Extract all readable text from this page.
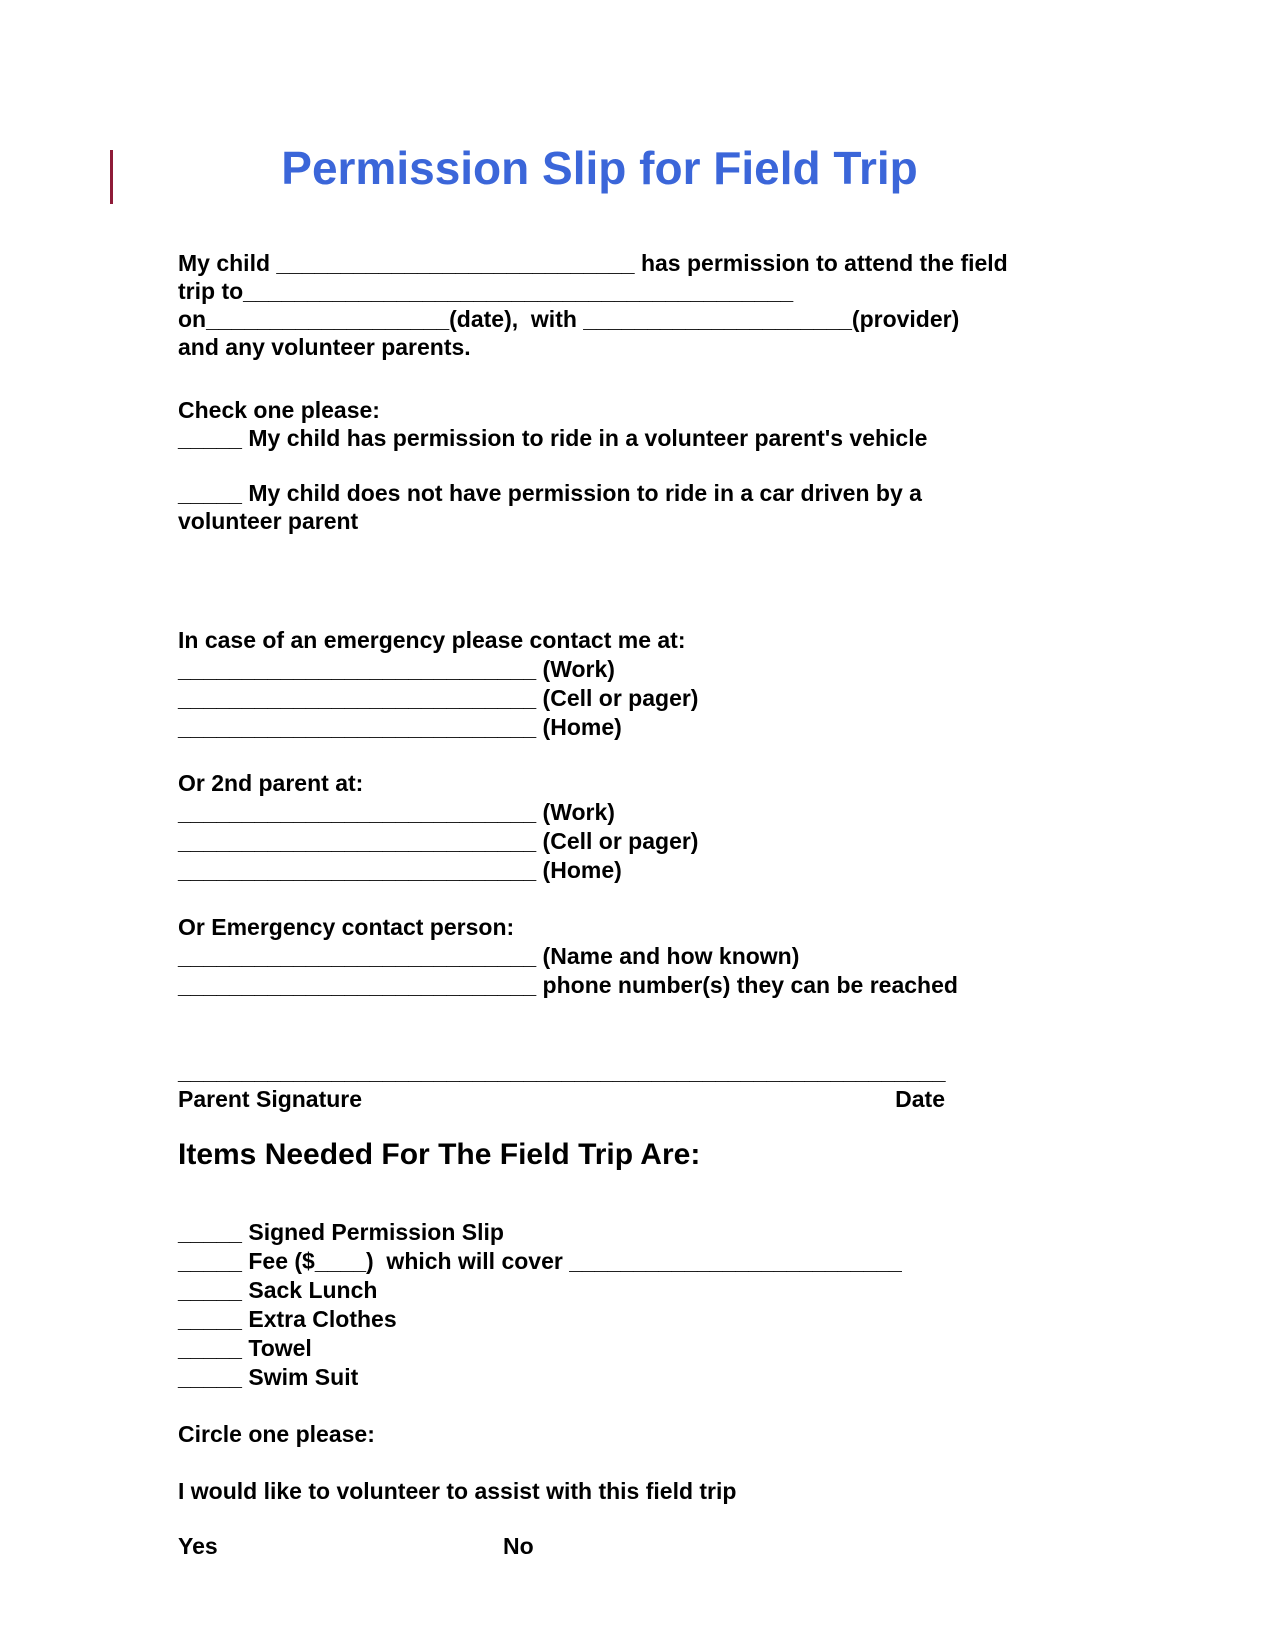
Permission Slip for Field Trip

My child ____________________________ has permission to attend the field

trip to___________________________________________

on___________________(date),  with _____________________(provider)

and any volunteer parents.

Check one please:

_____ My child has permission to ride in a volunteer parent's vehicle

_____ My child does not have permission to ride in a car driven by a

volunteer parent

In case of an emergency please contact me at:

____________________________ (Work)

____________________________ (Cell or pager)

____________________________ (Home)

Or 2nd parent at:

____________________________ (Work)

____________________________ (Cell or pager)

____________________________ (Home)

Or Emergency contact person:

____________________________ (Name and how known)

____________________________ phone number(s) they can be reached

____________________________________________________________

Parent Signature	Date
Items Needed For The Field Trip Are:

_____ Signed Permission Slip

_____ Fee ($____)  which will cover __________________________

_____ Sack Lunch

_____ Extra Clothes

_____ Towel

_____ Swim Suit

Circle one please:

I would like to volunteer to assist with this field trip

Yes	No
